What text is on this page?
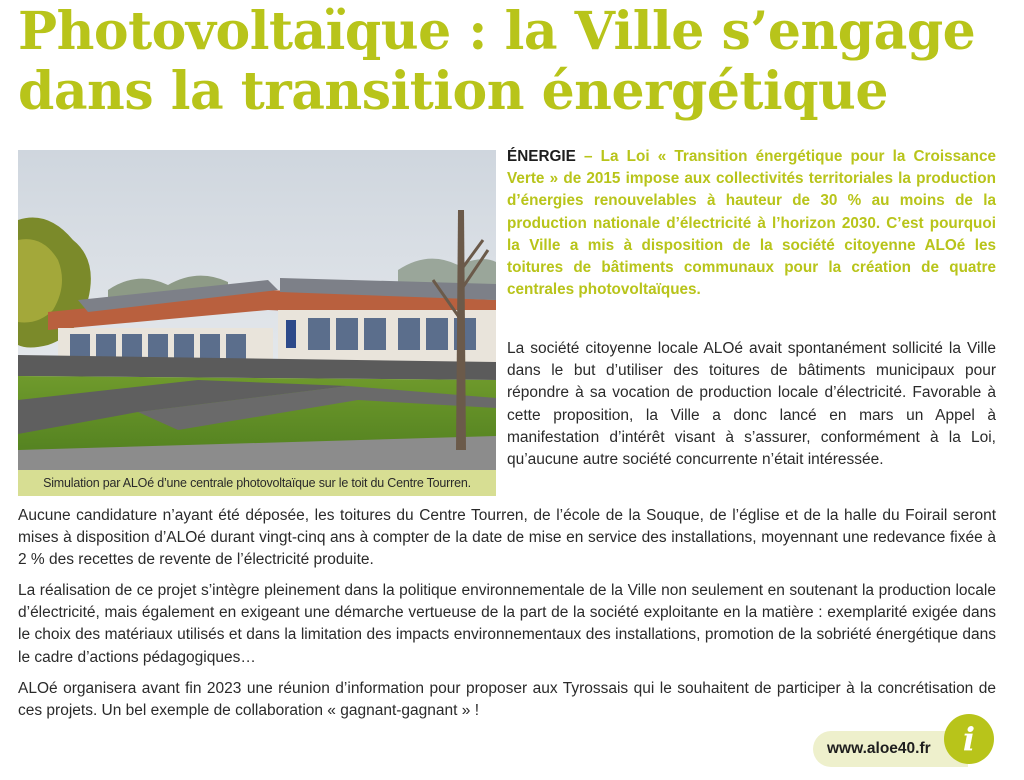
Photovoltaïque : la Ville s’engage
dans la transition énergétique
Simulation par ALOé d’une centrale photovoltaïque sur le toit du Centre Tourren.

ÉNERGIE – La Loi « Transition énergétique pour la Croissance Verte » de 2015 impose aux collectivités territoriales la production d’énergies renouvelables à hauteur de 30 % au moins de la production nationale d’électricité à l’horizon 2030. C’est pourquoi la Ville a mis à disposition de la société citoyenne ALOé les toitures de bâtiments communaux pour la création de quatre centrales photovoltaïques.

La société citoyenne locale ALOé avait spontanément sollicité la Ville dans le but d’utiliser des toitures de bâtiments municipaux pour répondre à sa vocation de production locale d’électricité. Favorable à cette proposition, la Ville a donc lancé en mars un Appel à manifestation d’intérêt visant à s’assurer, conformément à la Loi, qu’aucune autre société concurrente n’était intéressée.

Aucune candidature n’ayant été déposée, les toitures du Centre Tourren, de l’école de la Souque, de l’église et de la halle du Foirail seront mises à disposition d’ALOé durant vingt-cinq ans à compter de la date de mise en service des installations, moyennant une redevance fixée à 2 % des recettes de revente de l’électricité produite.

La réalisation de ce projet s’intègre pleinement dans la politique environnementale de la Ville non seulement en soutenant la production locale d’électricité, mais également en exigeant une démarche vertueuse de la part de la société exploitante en la matière : exemplarité exigée dans le choix des matériaux utilisés et dans la limitation des impacts environnementaux des installations, promotion de la sobriété énergétique dans le cadre d’actions pédagogiques…

ALOé organisera avant fin 2023 une réunion d’information pour proposer aux Tyrossais qui le souhaitent de participer à la concrétisation de ces projets. Un bel exemple de collaboration « gagnant-gagnant » !

www.aloe40.fr	i
